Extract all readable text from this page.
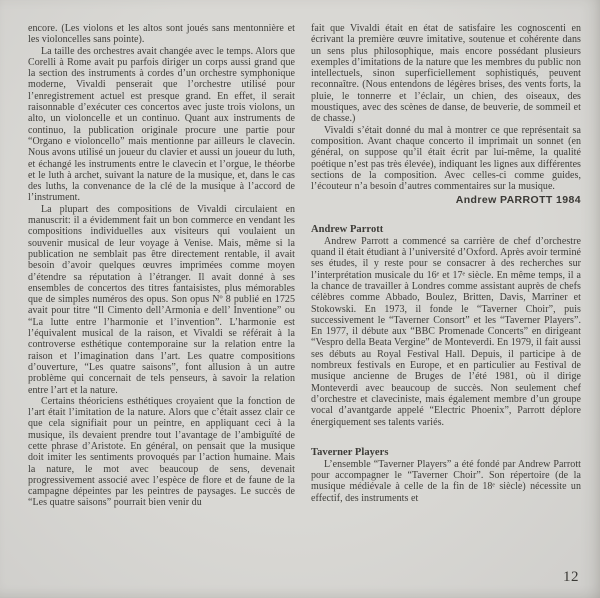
encore. (Les violons et les altos sont joués sans mentonnière et les violoncelles sans pointe).

La taille des orchestres avait changée avec le temps. Alors que Corelli à Rome avait pu parfois diriger un corps aussi grand que la section des instruments à cordes d’un orchestre symphonique moderne, Vivaldi penserait que l’orchestre utilisé pour l’enregistrement actuel est presque grand. En effet, il serait raisonnable d’exécuter ces concertos avec juste trois violons, un alto, un violoncelle et un continuo. Quant aux instruments de continuo, la publication originale procure une partie pour “Organo e violoncello” mais mentionne par ailleurs le clavecin. Nous avons utilisé un joueur du clavier et aussi un joueur du luth, et échangé les instruments entre le clavecin et l’orgue, le théorbe et le luth à archet, suivant la nature de la musique, et, dans le cas des luths, la convenance de la clé de la musique à l’accord de l’instrument.

La plupart des compositions de Vivaldi circulaient en manuscrit: il a évidemment fait un bon commerce en vendant les compositions individuelles aux visiteurs qui voulaient un souvenir musical de leur voyage à Venise. Mais, même si la publication ne semblait pas être directement rentable, il avait besoin d’avoir quelques œuvres imprimées comme moyen d’étendre sa réputation à l’étranger. Il avait donné à ses ensembles de concertos des titres fantaisistes, plus mémorables que de simples numéros des opus. Son opus Nº 8 publié en 1725 avait pour titre “Il Cimento dell’Armonia e dell’ Inventione” ou “La lutte entre l’harmonie et l’invention”. L’harmonie est l’équivalent musical de la raison, et Vivaldi se référait à la controverse esthétique contemporaine sur la relation entre la raison et l’imagination dans l’art. Les quatre compositions d’ouverture, “Les quatre saisons”, font allusion à un autre problème qui concernait de tels penseurs, à savoir la relation entre l’art et la nature.

Certains théoriciens esthétiques croyaient que la fonction de l’art était l’imitation de la nature. Alors que c’était assez clair ce que cela signifiait pour un peintre, en appliquant ceci à la musique, ils devaient prendre tout l’avantage de l’ambiguïté de cette phrase d’Aristote. En général, on pensait que la musique doit imiter les sentiments provoqués par l’action humaine. Mais la nature, le mot avec beaucoup de sens, devenait progressivement associé avec l’espèce de flore et de faune de la campagne dépeintes par les peintres de paysages. Le succès de “Les quatre saisons” pourrait bien venir du

fait que Vivaldi était en état de satisfaire les cognoscenti en écrivant la première œuvre imitative, soutenue et cohérente dans un sens plus philosophique, mais encore possédant plusieurs exemples d’imitations de la nature que les membres du public non intellectuels, sinon superficiellement sophistiqués, peuvent reconnaître. (Nous entendons de légères brises, des vents forts, la pluie, le tonnerre et l’éclair, un chien, des oiseaux, des moustiques, avec des scènes de danse, de beuverie, de sommeil et de chasse.)

Vivaldi s’était donné du mal à montrer ce que représentait sa composition. Avant chaque concerto il imprimait un sonnet (en général, on suppose qu’il était écrit par lui-même, la qualité poétique n’est pas très élevée), indiquant les lignes aux différentes sections de la composition. Avec celles-ci comme guides, l’écouteur n’a besoin d’autres commentaires sur la musique.

Andrew PARROTT 1984
Andrew Parrott

Andrew Parrott a commencé sa carrière de chef d’orchestre quand il était étudiant à l’université d’Oxford. Après avoir terminé ses études, il y reste pour se consacrer à des recherches sur l’interprétation musicale du 16ᵉ et 17ᵉ siècle. En même temps, il a la chance de travailler à Londres comme assistant auprès de chefs célèbres comme Abbado, Boulez, Britten, Davis, Marriner et Stokowski. En 1973, il fonde le “Taverner Choir”, puis successivement le “Taverner Consort” et les “Taverner Players”. En 1977, il débute aux “BBC Promenade Concerts” en dirigeant “Vespro della Beata Vergine” de Monteverdi. En 1979, il fait aussi ses débuts au Royal Festival Hall. Depuis, il participe à de nombreux festivals en Europe, et en particulier au Festival de musique ancienne de Bruges de l’été 1981, où il dirige Monteverdi avec beaucoup de succès. Non seulement chef d’orchestre et claveciniste, mais également membre d’un groupe vocal d’avantgarde appelé “Electric Phoenix”, Parrott déplore énergiquement ses talents variés.

Taverner Players

L’ensemble “Taverner Players” a été fondé par Andrew Parrott pour accompagner le “Taverner Choir”. Son répertoire (de la musique médiévale à celle de la fin de 18ᵉ siècle) nécessite un effectif, des instruments et

12
